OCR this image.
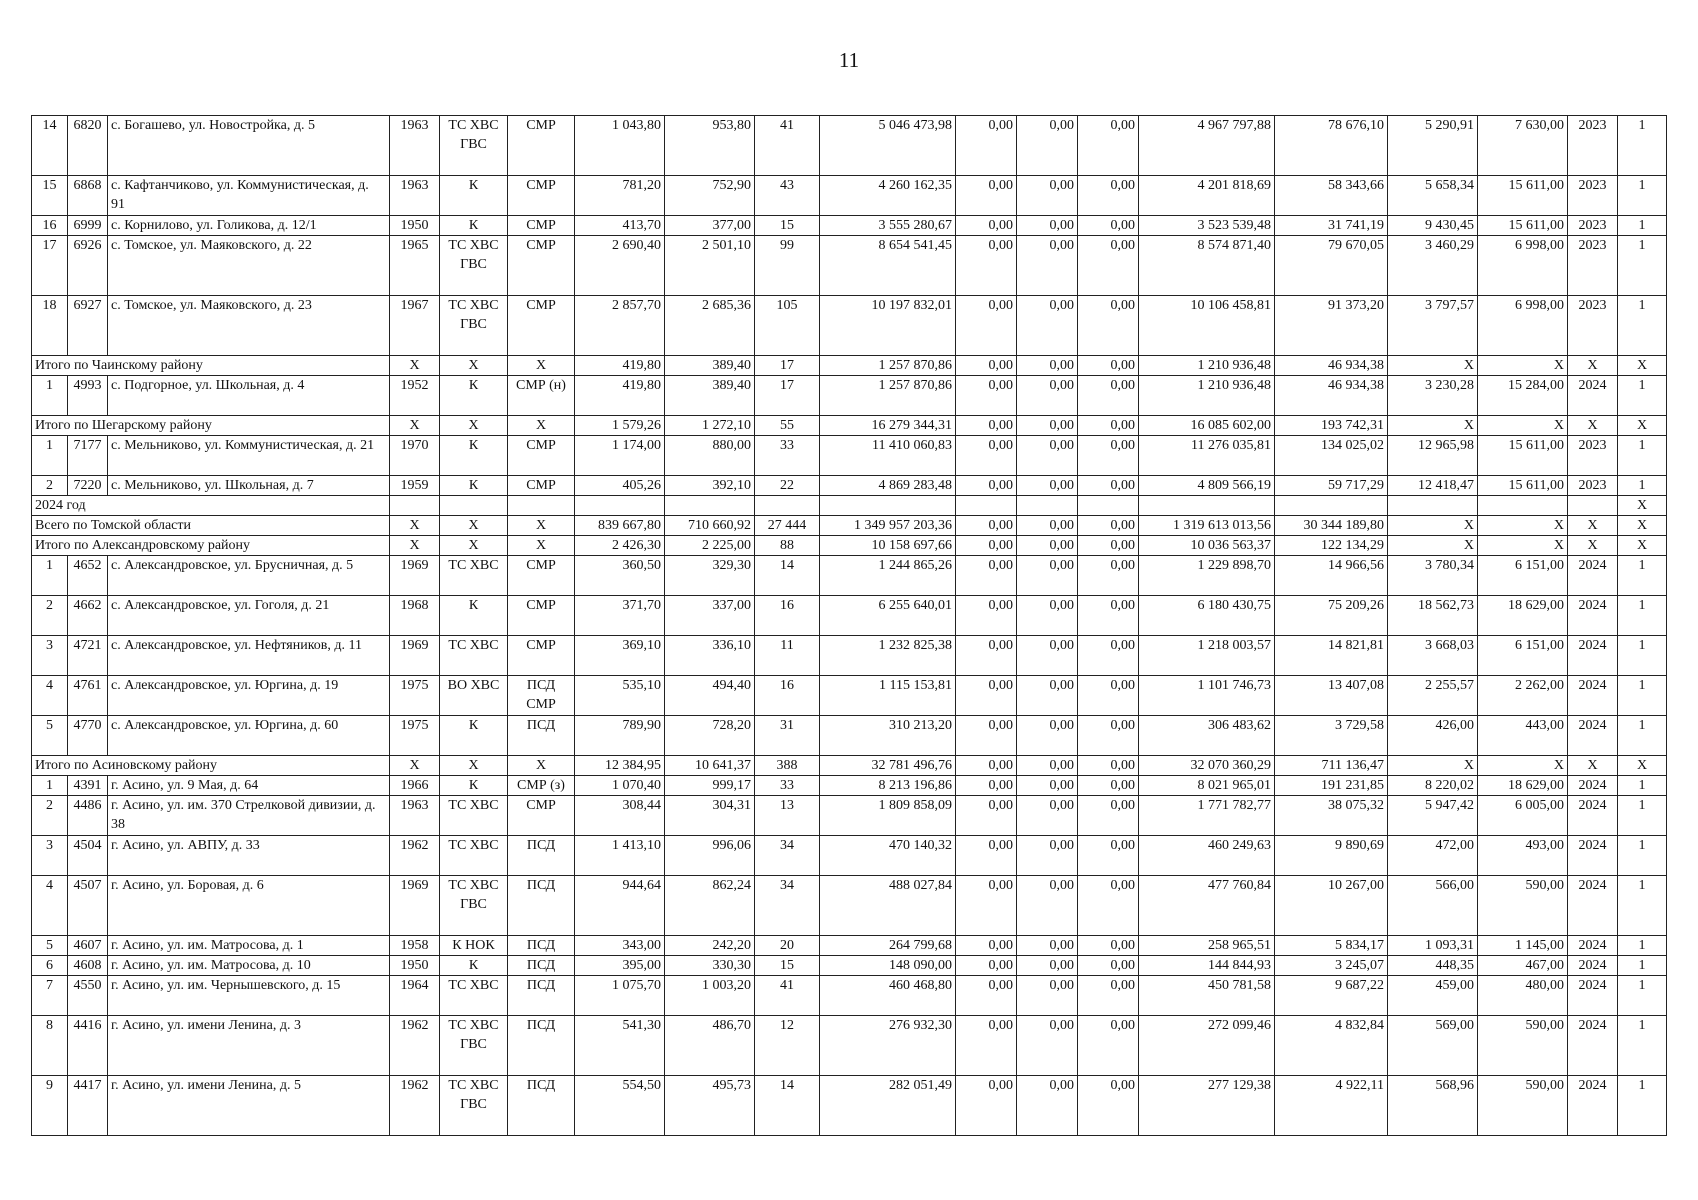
11
14	6820	с. Богашево, ул. Новостройка, д. 5	1963	ТС ХВС ГВС	СМР	1 043,80	953,80	41	5 046 473,98	0,00	0,00	0,00	4 967 797,88	78 676,10	5 290,91	7 630,00	2023	1
15	6868	с. Кафтанчиково, ул. Коммунистическая, д. 91	1963	К	СМР	781,20	752,90	43	4 260 162,35	0,00	0,00	0,00	4 201 818,69	58 343,66	5 658,34	15 611,00	2023	1
16	6999	с. Корнилово, ул. Голикова, д. 12/1	1950	К	СМР	413,70	377,00	15	3 555 280,67	0,00	0,00	0,00	3 523 539,48	31 741,19	9 430,45	15 611,00	2023	1
17	6926	с. Томское, ул. Маяковского, д. 22	1965	ТС ХВС ГВС	СМР	2 690,40	2 501,10	99	8 654 541,45	0,00	0,00	0,00	8 574 871,40	79 670,05	3 460,29	6 998,00	2023	1
18	6927	с. Томское, ул. Маяковского, д. 23	1967	ТС ХВС ГВС	СМР	2 857,70	2 685,36	105	10 197 832,01	0,00	0,00	0,00	10 106 458,81	91 373,20	3 797,57	6 998,00	2023	1
Итого по Чаинскому району			X	X	X	419,80	389,40	17	1 257 870,86	0,00	0,00	0,00	1 210 936,48	46 934,38	X	X	X	X
1	4993	с. Подгорное, ул. Школьная, д. 4	1952	К	СМР (н)	419,80	389,40	17	1 257 870,86	0,00	0,00	0,00	1 210 936,48	46 934,38	3 230,28	15 284,00	2024	1
Итого по Шегарскому району			X	X	X	1 579,26	1 272,10	55	16 279 344,31	0,00	0,00	0,00	16 085 602,00	193 742,31	X	X	X	X
1	7177	с. Мельниково, ул. Коммунистическая, д. 21	1970	К	СМР	1 174,00	880,00	33	11 410 060,83	0,00	0,00	0,00	11 276 035,81	134 025,02	12 965,98	15 611,00	2023	1
2	7220	с. Мельниково, ул. Школьная, д. 7	1959	К	СМР	405,26	392,10	22	4 869 283,48	0,00	0,00	0,00	4 809 566,19	59 717,29	12 418,47	15 611,00	2023	1
2024 год																		X
Всего по Томской области			X	X	X	839 667,80	710 660,92	27 444	1 349 957 203,36	0,00	0,00	0,00	1 319 613 013,56	30 344 189,80	X	X	X	X
Итого по Александровскому району			X	X	X	2 426,30	2 225,00	88	10 158 697,66	0,00	0,00	0,00	10 036 563,37	122 134,29	X	X	X	X
1	4652	с. Александровское, ул. Брусничная, д. 5	1969	ТС ХВС	СМР	360,50	329,30	14	1 244 865,26	0,00	0,00	0,00	1 229 898,70	14 966,56	3 780,34	6 151,00	2024	1
2	4662	с. Александровское, ул. Гоголя, д. 21	1968	К	СМР	371,70	337,00	16	6 255 640,01	0,00	0,00	0,00	6 180 430,75	75 209,26	18 562,73	18 629,00	2024	1
3	4721	с. Александровское, ул. Нефтяников, д. 11	1969	ТС ХВС	СМР	369,10	336,10	11	1 232 825,38	0,00	0,00	0,00	1 218 003,57	14 821,81	3 668,03	6 151,00	2024	1
4	4761	с. Александровское, ул. Юргина, д. 19	1975	ВО ХВС	ПСД СМР	535,10	494,40	16	1 115 153,81	0,00	0,00	0,00	1 101 746,73	13 407,08	2 255,57	2 262,00	2024	1
5	4770	с. Александровское, ул. Юргина, д. 60	1975	К	ПСД	789,90	728,20	31	310 213,20	0,00	0,00	0,00	306 483,62	3 729,58	426,00	443,00	2024	1
Итого по Асиновскому району			X	X	X	12 384,95	10 641,37	388	32 781 496,76	0,00	0,00	0,00	32 070 360,29	711 136,47	X	X	X	X
1	4391	г. Асино, ул. 9 Мая, д. 64	1966	К	СМР (з)	1 070,40	999,17	33	8 213 196,86	0,00	0,00	0,00	8 021 965,01	191 231,85	8 220,02	18 629,00	2024	1
2	4486	г. Асино, ул. им. 370 Стрелковой дивизии, д. 38	1963	ТС ХВС	СМР	308,44	304,31	13	1 809 858,09	0,00	0,00	0,00	1 771 782,77	38 075,32	5 947,42	6 005,00	2024	1
3	4504	г. Асино, ул. АВПУ, д. 33	1962	ТС ХВС	ПСД	1 413,10	996,06	34	470 140,32	0,00	0,00	0,00	460 249,63	9 890,69	472,00	493,00	2024	1
4	4507	г. Асино, ул. Боровая, д. 6	1969	ТС ХВС ГВС	ПСД	944,64	862,24	34	488 027,84	0,00	0,00	0,00	477 760,84	10 267,00	566,00	590,00	2024	1
5	4607	г. Асино, ул. им. Матросова, д. 1	1958	К НОК	ПСД	343,00	242,20	20	264 799,68	0,00	0,00	0,00	258 965,51	5 834,17	1 093,31	1 145,00	2024	1
6	4608	г. Асино, ул. им. Матросова, д. 10	1950	К	ПСД	395,00	330,30	15	148 090,00	0,00	0,00	0,00	144 844,93	3 245,07	448,35	467,00	2024	1
7	4550	г. Асино, ул. им. Чернышевского, д. 15	1964	ТС ХВС	ПСД	1 075,70	1 003,20	41	460 468,80	0,00	0,00	0,00	450 781,58	9 687,22	459,00	480,00	2024	1
8	4416	г. Асино, ул. имени Ленина, д. 3	1962	ТС ХВС ГВС	ПСД	541,30	486,70	12	276 932,30	0,00	0,00	0,00	272 099,46	4 832,84	569,00	590,00	2024	1
9	4417	г. Асино, ул. имени Ленина, д. 5	1962	ТС ХВС ГВС	ПСД	554,50	495,73	14	282 051,49	0,00	0,00	0,00	277 129,38	4 922,11	568,96	590,00	2024	1
